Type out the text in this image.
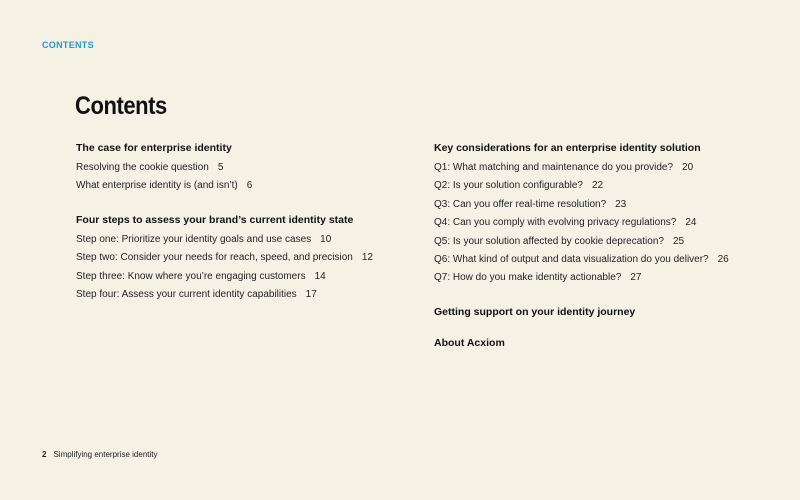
CONTENTS
Contents
The case for enterprise identity
Resolving the cookie question 5
What enterprise identity is (and isn’t) 6
Four steps to assess your brand’s current identity state
Step one: Prioritize your identity goals and use cases 10
Step two: Consider your needs for reach, speed, and precision 12
Step three: Know where you’re engaging customers 14
Step four: Assess your current identity capabilities 17
Key considerations for an enterprise identity solution
Q1: What matching and maintenance do you provide? 20
Q2: Is your solution configurable? 22
Q3: Can you offer real-time resolution? 23
Q4: Can you comply with evolving privacy regulations? 24
Q5: Is your solution affected by cookie deprecation? 25
Q6: What kind of output and data visualization do you deliver? 26
Q7: How do you make identity actionable? 27
Getting support on your identity journey
About Acxiom
2 Simplifying enterprise identity
